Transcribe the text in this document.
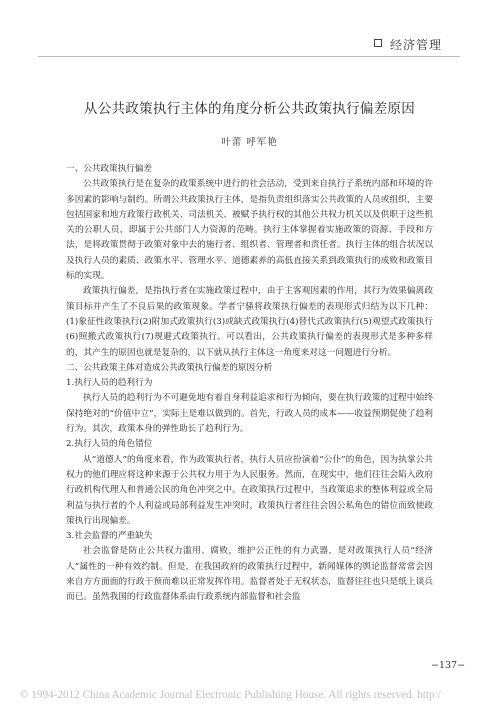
经济管理
从公共政策执行主体的角度分析公共政策执行偏差原因
叶蕾 呼军艳
一、公共政策执行偏差

公共政策执行是在复杂的政策系统中进行的社会活动，受到来自执行子系统内部和环境的许多因素的影响与制约。所谓公共政策执行主体，是指负责组织落实公共政策的人员或组织，主要包括国家和地方政策行政机关、司法机关、被赋予执行权的其他公共权力机关以及供职于这些机关的公职人员，即属于公共部门人力资源的范畴。执行主体掌握着实施政策的资源、手段和方法，是将政策贯彻于政策对象中去的施行者、组织者、管理者和责任者。执行主体的组合状况以及执行人员的素质、政策水平、管理水平、道德素养的高低直接关系到政策执行的成败和政策目标的实现。

政策执行偏差，是指执行者在实施政策过程中，由于主客观因素的作用，其行为效果偏离政策目标并产生了不良后果的政策现象。学者宁骚将政策执行偏差的表现形式归结为以下几种：(1)象征性政策执行(2)附加式政策执行(3)或缺式政策执行(4)替代式政策执行(5)观望式政策执行(6)照搬式政策执行(7)规避式政策执行。可以看出，公共政策执行偏差的表现形式是多种多样的，其产生的原因也就是复杂的，以下就从执行主体这一角度来对这一问题进行分析。

二、公共政策主体对造成公共政策执行偏差的原因分析

1.执行人员的趋利行为

执行人员的趋利行为不可避免地有着自身利益追求和行为倾向，要在执行政策的过程中始终保持绝对的“价值中立”，实际上是难以做到的。首先，行政人员的成本——收益预期促使了趋利行为。其次，政策本身的弹性助长了趋利行为。

2.执行人员的角色错位

从“道德人”的角度来看，作为政策执行者，执行人员应扮演着“公仆”的角色，因为执掌公共权力的他们理应将这种来源于公共权力用于为人民服务。然而，在现实中，他们往往会陷入政府行政机构代理人和普通公民的角色冲突之中。在政策执行过程中，当政策追求的整体利益或全局利益与执行者的个人利益或局部利益发生冲突时，政策执行者往往会因公私角色的错位而致使政策执行出现偏差。

3.社会监督的严重缺失

社会监督是防止公共权力滥用、腐败，维护公正性的有力武器，是对政策执行人员“经济人”属性的一种有效约制。但是，在我国政府的政策执行过程中，新闻媒体的舆论监督常常会因来自方方面面的行政干预而难以正常发挥作用。监督者处于无权状态，监督往往也只是纸上谈兵而已。虽然我国的行政监督体系由行政系统内部监督和社会监

−137−
© 1994-2012 China Academic Journal Electronic Publishing House. All rights reserved. http:/
